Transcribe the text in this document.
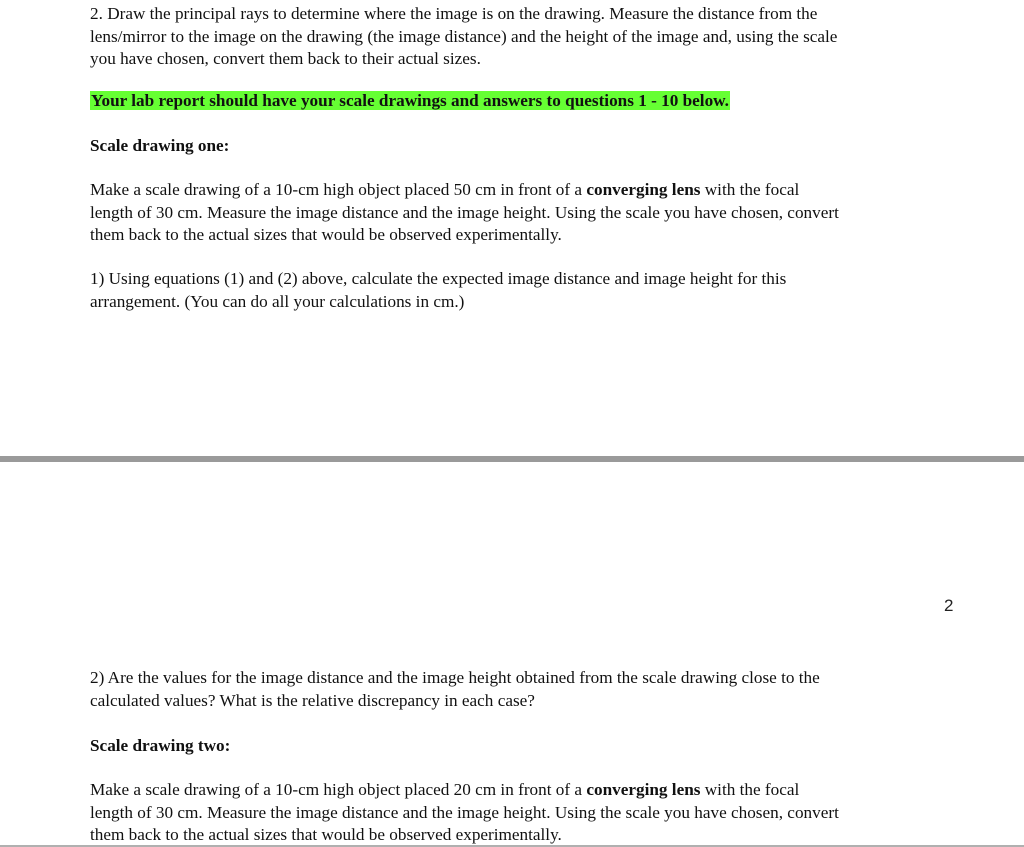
2. Draw the principal rays to determine where the image is on the drawing. Measure the distance from the
lens/mirror to the image on the drawing (the image distance) and the height of the image and, using the scale
you have chosen, convert them back to their actual sizes.

Your lab report should have your scale drawings and answers to questions 1 - 10 below.

Scale drawing one:

Make a scale drawing of a 10-cm high object placed 50 cm in front of a converging lens with the focal
length of 30 cm. Measure the image distance and the image height. Using the scale you have chosen, convert
them back to the actual sizes that would be observed experimentally.

1) Using equations (1) and (2) above, calculate the expected image distance and image height for this
arrangement. (You can do all your calculations in cm.)

2

2) Are the values for the image distance and the image height obtained from the scale drawing close to the
calculated values? What is the relative discrepancy in each case?

Scale drawing two:

Make a scale drawing of a 10-cm high object placed 20 cm in front of a converging lens with the focal
length of 30 cm. Measure the image distance and the image height. Using the scale you have chosen, convert
them back to the actual sizes that would be observed experimentally.
